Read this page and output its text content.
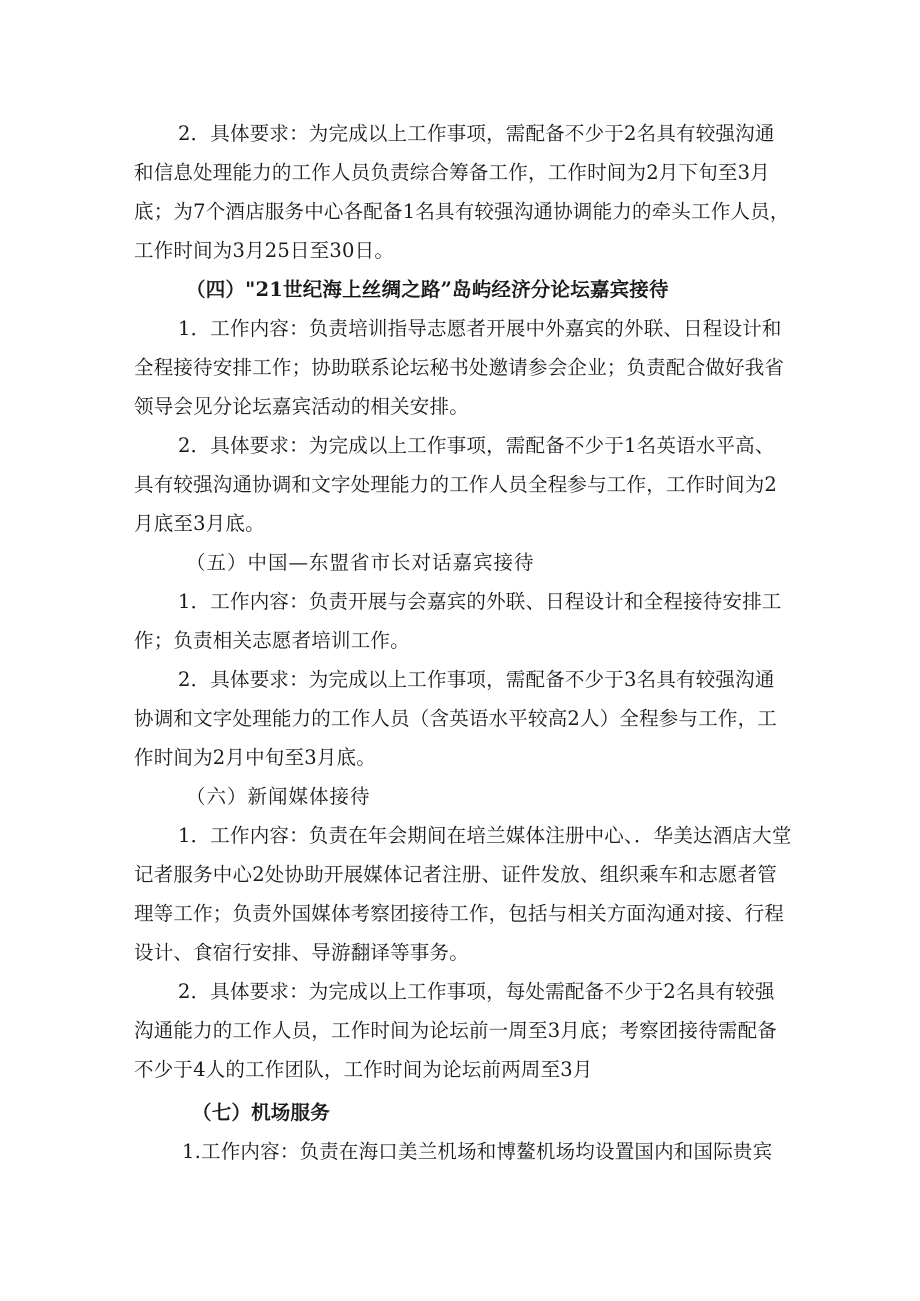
2．具体要求：为完成以上工作事项，需配备不少于2名具有较强沟通
和信息处理能力的工作人员负责综合筹备工作，工作时间为2月下旬至3月
底；为7个酒店服务中心各配备1名具有较强沟通协调能力的牵头工作人员，
工作时间为3月25日至30日。
（四）"21世纪海上丝绸之路”岛屿经济分论坛嘉宾接待
1．工作内容：负责培训指导志愿者开展中外嘉宾的外联、日程设计和
全程接待安排工作；协助联系论坛秘书处邀请参会企业；负责配合做好我省
领导会见分论坛嘉宾活动的相关安排。
2．具体要求：为完成以上工作事项，需配备不少于1名英语水平高、
具有较强沟通协调和文字处理能力的工作人员全程参与工作，工作时间为2
月底至3月底。
（五）中国—东盟省市长对话嘉宾接待
1．工作内容：负责开展与会嘉宾的外联、日程设计和全程接待安排工
作；负责相关志愿者培训工作。
2．具体要求：为完成以上工作事项，需配备不少于3名具有较强沟通
协调和文字处理能力的工作人员（含英语水平较高2人）全程参与工作，工
作时间为2月中旬至3月底。
（六）新闻媒体接待
1．工作内容：负责在年会期间在培兰媒体注册中心、．华美达酒店大堂
记者服务中心2处协助开展媒体记者注册、证件发放、组织乘车和志愿者管
理等工作；负责外国媒体考察团接待工作，包括与相关方面沟通对接、行程
设计、食宿行安排、导游翻译等事务。
2．具体要求：为完成以上工作事项，每处需配备不少于2名具有较强
沟通能力的工作人员，工作时间为论坛前一周至3月底；考察团接待需配备
不少于4人的工作团队，工作时间为论坛前两周至3月
（七）机场服务
1.工作内容：负责在海口美兰机场和博鳌机场均设置国内和国际贵宾
